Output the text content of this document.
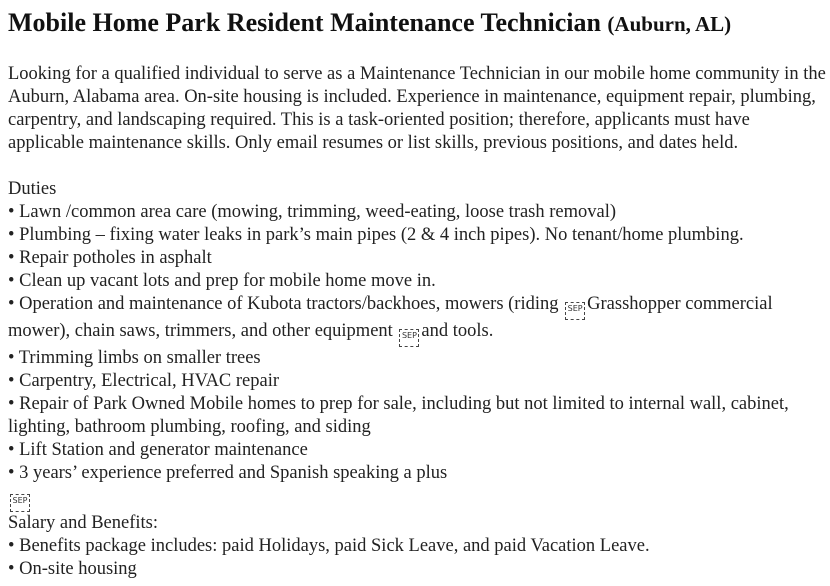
Mobile Home Park Resident Maintenance Technician (Auburn, AL)
Looking for a qualified individual to serve as a Maintenance Technician in our mobile home community in the Auburn, Alabama area. On-site housing is included. Experience in maintenance, equipment repair, plumbing, carpentry, and landscaping required. This is a task-oriented position; therefore, applicants must have applicable maintenance skills. Only email resumes or list skills, previous positions, and dates held.
Duties
• Lawn /common area care (mowing, trimming, weed-eating, loose trash removal)
• Plumbing – fixing water leaks in park’s main pipes (2 & 4 inch pipes). No tenant/home plumbing.
• Repair potholes in asphalt
• Clean up vacant lots and prep for mobile home move in.
• Operation and maintenance of Kubota tractors/backhoes, mowers (riding SEP Grasshopper commercial mower), chain saws, trimmers, and other equipment SEP and tools.
• Trimming limbs on smaller trees
• Carpentry, Electrical, HVAC repair
• Repair of Park Owned Mobile homes to prep for sale, including but not limited to internal wall, cabinet, lighting, bathroom plumbing, roofing, and siding
• Lift Station and generator maintenance
• 3 years’ experience preferred and Spanish speaking a plus
SEP
Salary and Benefits:
• Benefits package includes: paid Holidays, paid Sick Leave, and paid Vacation Leave.
• On-site housing
